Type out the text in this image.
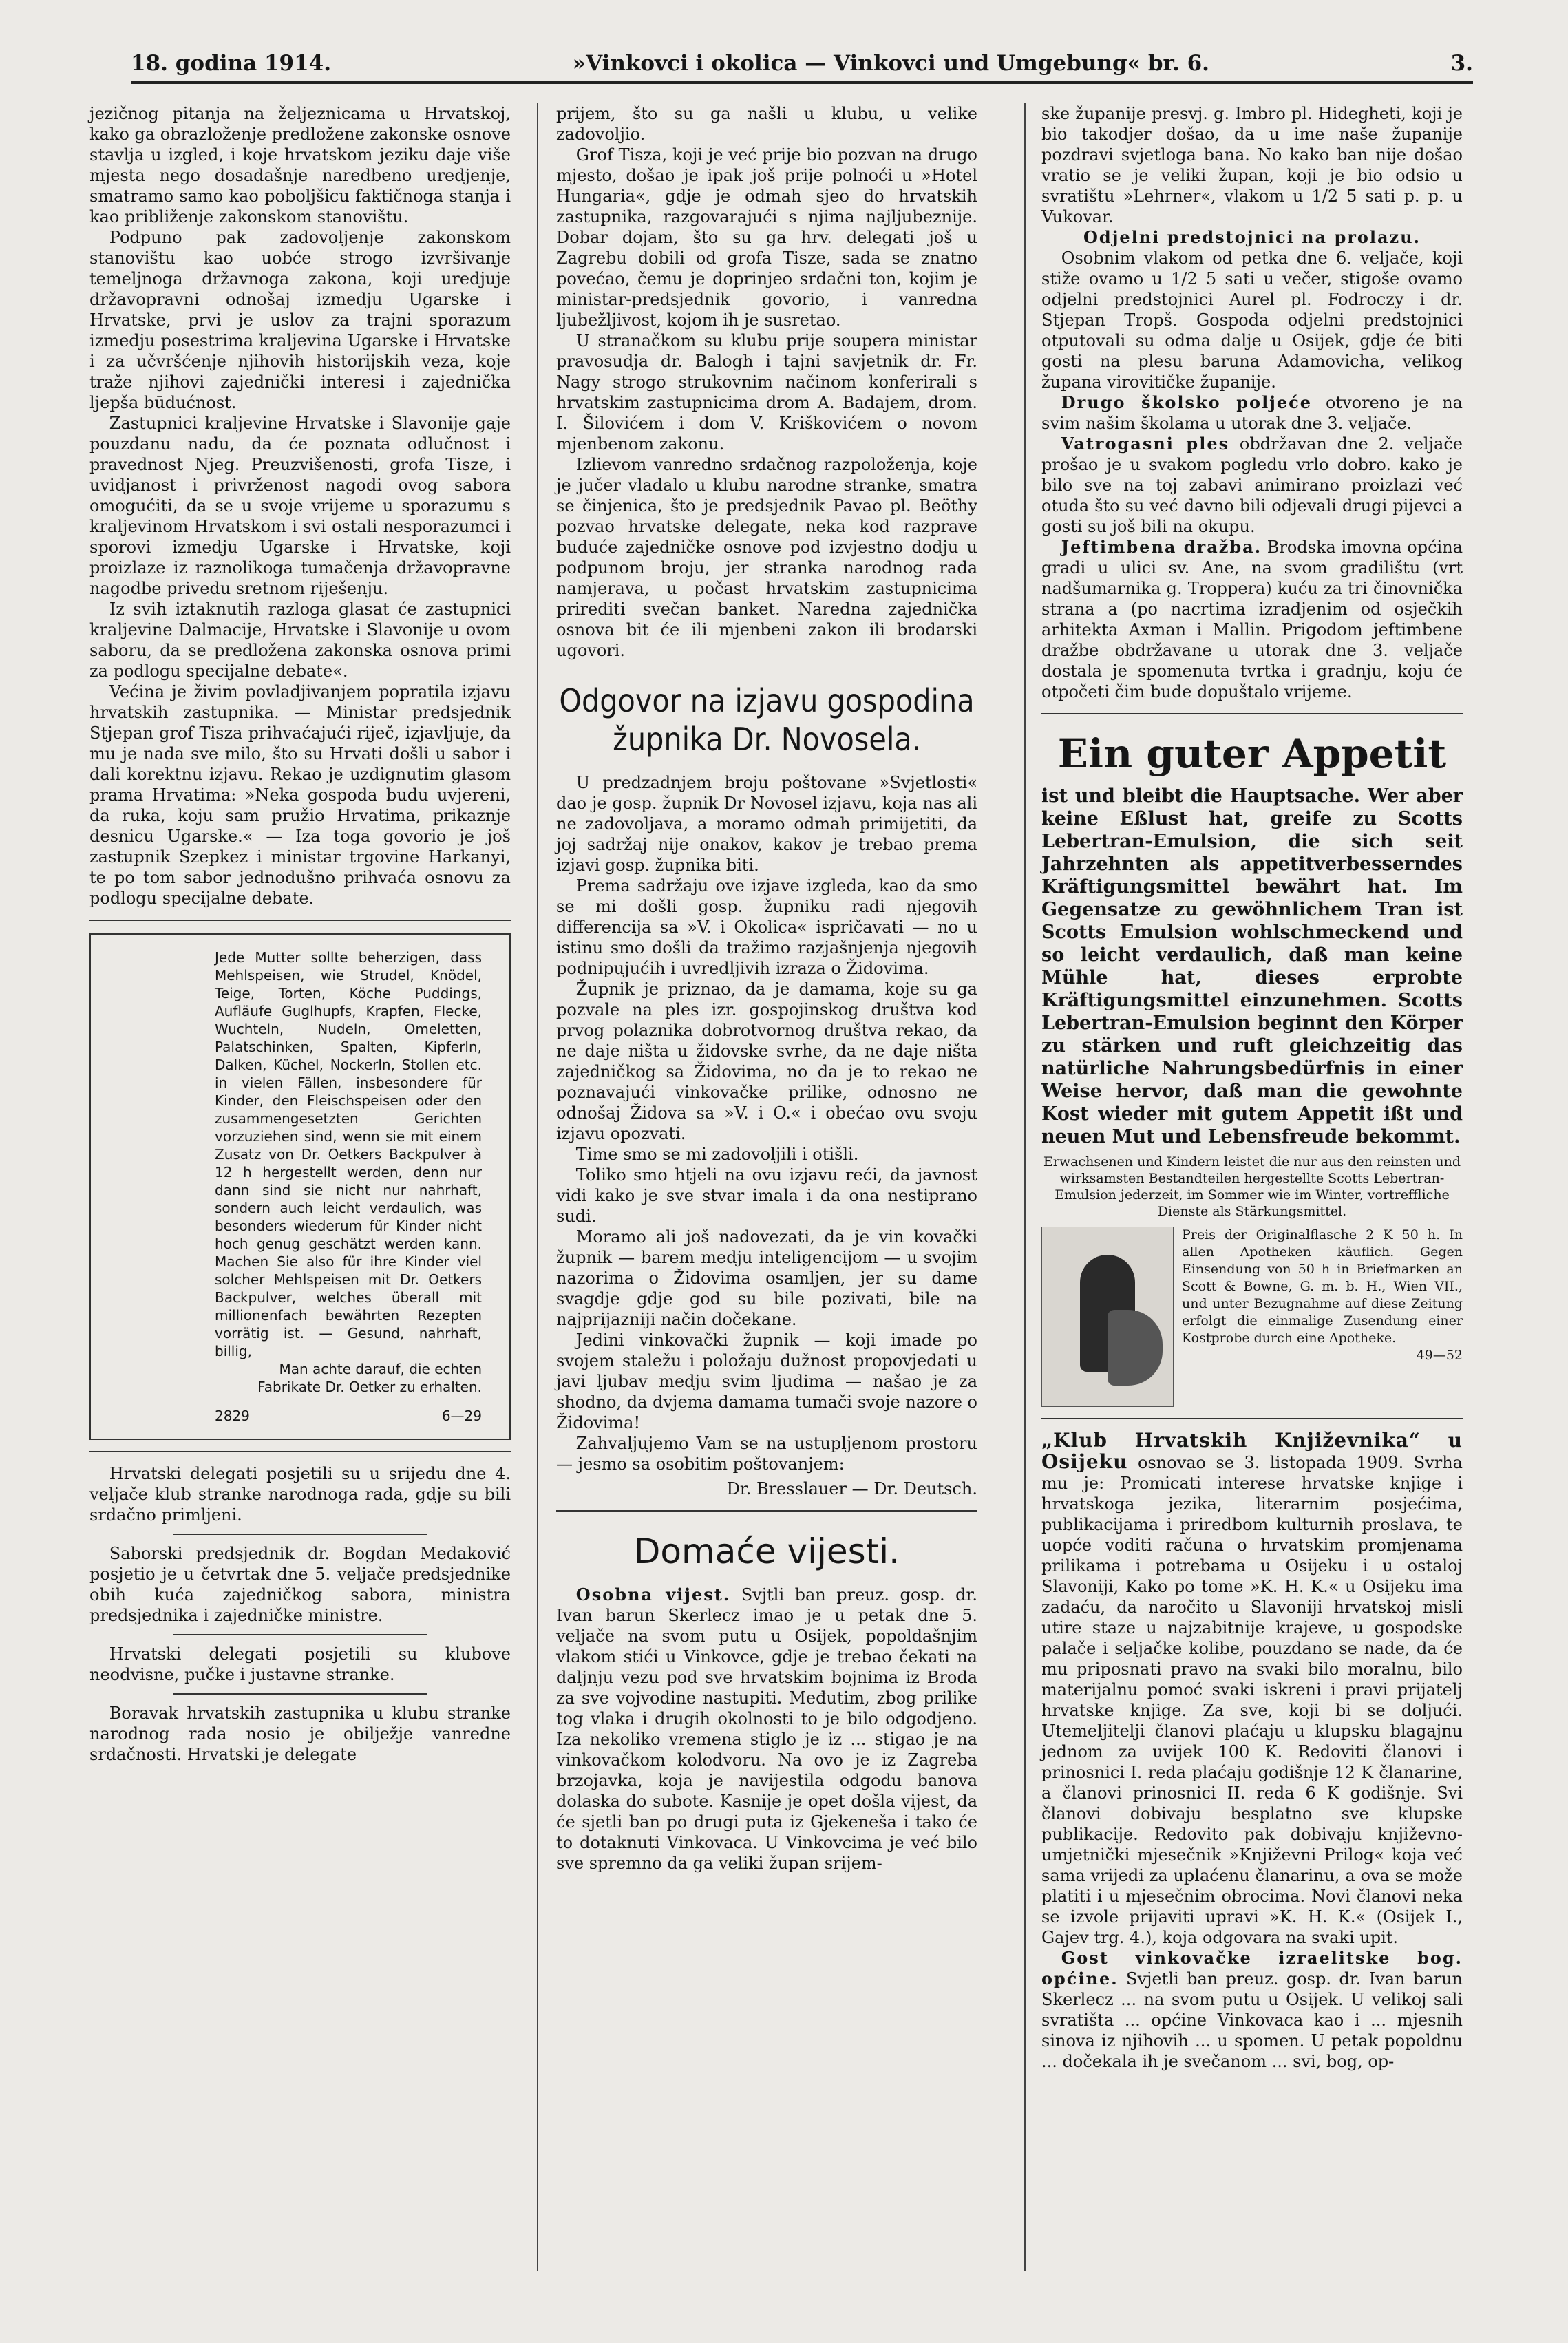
18. godina 1914.	»Vinkovci i okolica — Vinkovci und Umgebung« br. 6.	3.

jezičnog pitanja na željeznicama u Hrvatskoj, kako ga obrazloženje predložene zakonske osnove stavlja u izgled, i koje hrvatskom jeziku daje više mjesta nego dosadašnje naredbeno uredjenje, smatramo samo kao poboljšicu faktičnoga stanja i kao približenje zakonskom stanovištu.

Podpuno pak zadovoljenje zakonskom stanovištu kao uobće strogo izvršivanje temeljnoga državnoga zakona, koji uredjuje državopravni odnošaj izmedju Ugarske i Hrvatske, prvi je uslov za trajni sporazum izmedju posestrima kraljevina Ugarske i Hrvatske i za učvršćenje njihovih historijskih veza, koje traže njihovi zajednički interesi i zajednička ljepša būdućnost.

Zastupnici kraljevine Hrvatske i Slavonije gaje pouzdanu nadu, da će poznata odlučnost i pravednost Njeg. Preuzvišenosti, grofa Tisze, i uvidjanost i privrženost nagodi ovog saborа omogućiti, da se u svoje vrijeme u sporazumu s kraljevinom Hrvatskom i svi ostali nesporazumci i sporovi izmedju Ugarske i Hrvatske, koji proizlaze iz raznolikoga tumačenja državopravne nagodbe privedu sretnom riješenju.

Iz svih iztaknutih razloga glasat će zastupnici kraljevine Dalmacije, Hrvatske i Slavonije u ovom saboru, da se predložena zakonska osnova primi za podlogu specijalne debate«.

Većina je živim povladjivanjem popratila izjavu hrvatskih zastupnika. — Ministar predsjednik Stjepan grof Tisza prihvaćajući riječ, izjavljuje, da mu je nada sve milo, što su Hrvati došli u sabor i dali korektnu izjavu. Rekao je uzdignutim glasom prama Hrvatima: »Neka gospoda budu uvjereni, da ruka, koju sam pružio Hrvatima, prikaznje desnicu Ugarske.« — Iza toga govorio je još zastupnik Szepkez i ministar trgovine Harkanyi, te po tom sabor jednodušno prihvaća osnovu za podlogu specijalne debate.

Jede Mutter sollte beherzigen, dass Mehlspeisen, wie Strudel, Knödel, Teige, Torten, Köche Puddings, Aufläufe Guglhupfs, Krapfen, Flecke, Wuchteln, Nudeln, Omeletten, Palatschinken, Spalten, Kipferln, Dalken, Küchel, Nockerln, Stollen etc. in vielen Fällen, insbesondere für Kinder, den Fleischspeisen oder den zusammengesetzten Gerichten vorzuziehen sind, wenn sie mit einem Zusatz von Dr. Oetkers Backpulver à 12 h hergestellt werden, denn nur dann sind sie nicht nur nahrhaft, sondern auch leicht verdaulich, was besonders wiederum für Kinder nicht hoch genug geschätzt werden kann. Machen Sie also für ihre Kinder viel solcher Mehlspeisen mit Dr. Oetkers Backpulver, welches überall mit millionenfach bewährten Rezepten vorrätig ist. — Gesund, nahrhaft, billig,
Man achte darauf, die echten Fabrikate Dr. Oetker zu erhalten.
2829	6—29

Hrvatski delegati posjetili su u srijedu dne 4. veljače klub stranke narodnoga rada, gdje su bili srdačno primljeni.

Saborski predsjednik dr. Bogdan Medaković posjetio je u četvrtak dne 5. veljače predsjednike obih kuća zajedničkog sabora, ministra predsjednika i zajedničke ministre.

Hrvatski delegati posjetili su klubove neodvisne, pučke i justavne stranke.

Boravak hrvatskih zastupnika u klubu stranke narodnog rada nosio je obilježje vanredne srdačnosti. Hrvatski je delegate

prijem, što su ga našli u klubu, u velike zadovoljio.

Grof Tisza, koji je već prije bio pozvan na drugo mjesto, došao je ipak još prije polnoći u »Hotel Hungaria«, gdje je odmah sjeo do hrvatskih zastupnika, razgovarajući s njima najljubeznije. Dobar dojam, što su ga hrv. delegati još u Zagrebu dobili od grofa Tisze, sada se znatno povećao, čemu je doprinjeo srdačni ton, kojim je ministar-predsjednik govorio, i vanredna ljubežljivost, kojom ih je susretao.

U stranačkom su klubu prije soupera ministar pravosudja dr. Balogh i tajni savjetnik dr. Fr. Nagy strogo strukovnim načinom konferirali s hrvatskim zastupnicima drom A. Badajem, drom. I. Šilovićem i dom V. Kriškovićem o novom mjenbenom zakonu.

Izlievom vanredno srdačnog razpoloženja, koje je jučer vladalo u klubu narodne stranke, smatra se činjenica, što je predsjednik Pavao pl. Beöthy pozvao hrvatske delegate, neka kod razprave buduće zajedničke osnove pod izvjestno dodju u podpunom broju, jer stranka narodnog rada namjerava, u počast hrvatskim zastupnicima prirediti svečan banket. Naredna zajednička osnova bit će ili mjenbeni zakon ili brodarski ugovori.

Odgovor na izjavu gospodina župnika Dr. Novosela.

U predzadnjem broju poštovane »Svjetlosti« dao je gosp. župnik Dr Novosel izjavu, koja nas ali ne zadovoljava, a moramo odmah primijetiti, da joj sadržaj nije onakov, kakov je trebao prema izjavi gosp. župnika biti.

Prema sadržaju ove izjave izgleda, kao da smo se mi došli gosp. župniku radi njegovih differencija sa »V. i Okolica« ispričavati — no u istinu smo došli da tražimo razjašnjenja njegovih podnipujućih i uvredljivih izraza o Židovima.

Župnik je priznao, da je damama, koje su ga pozvale na ples izr. gospojinskog društva kod prvog polaznika dobrotvornog društva rekao, da ne daje ništa u židovske svrhe, da ne daje ništa zajedničkog sa Židovima, no da je to rekao ne poznavajući vinkovačke prilike, odnosno ne odnošaj Židova sa »V. i O.« i obećao ovu svoju izjavu opozvati.

Time smo se mi zadovoljili i otišli.

Toliko smo htjeli na ovu izjavu reći, da javnost vidi kako je sve stvar imala i da ona nestiprano sudi.

Moramo ali još nadovezati, da je vin kovački župnik — barem medju inteligencijom — u svojim nazorima o Židovima osamljen, jer su dame svagdje gdje god su bile pozivati, bile na najprijazniji način dočekane.

Jedini vinkovački župnik — koji imade po svojem staležu i položaju dužnost propovjedati u javi ljubav medju svim ljudima — našao je za shodno, da dvjema damama tumači svoje nazore o Židovima!

Zahvaljujemo Vam se na ustupljenom prostoru — jesmo sa osobitim poštovanjem:

Dr. Bresslauer — Dr. Deutsch.
Domaće vijesti.

Osobna vijest. Svjtli ban preuz. gosp. dr. Ivan barun Skerlecz imao je u petak dne 5. veljače na svom putu u Osijek, popoldašnjim vlakom stići u Vinkovce, gdje je trebao čekati na daljnju vezu pod sve hrvatskim bojnima iz Broda za sve vojvodine nastupiti. Međutim, zbog prilike tog vlaka i drugih okolnosti to je bilo odgodjeno. Iza nekoliko vremena stiglo je iz ... stigao je na vinkovačkom kolodvoru. Na ovo je iz Zagreba brzojavka, koja je navijestila odgodu banova dolaska do subote. Kasnije je opet došla vijest, da će sjetli ban po drugi puta iz Gjekeneša i tako će to dotaknuti Vinkovaca. U Vinkovcima je već bilo sve spremno da ga veliki župan srijem-

ske županije presvj. g. Imbro pl. Hidegheti, koji je bio takodjer došao, da u ime naše županije pozdravi svjetloga bana. No kako ban nije došao vratio se je veliki župan, koji je bio odsio u svratištu »Lehrner«, vlakom u 1/2 5 sati p. p. u Vukovar.

Odjelni predstojnici na prolazu.

Osobnim vlakom od petka dne 6. veljače, koji stiže ovamo u 1/2 5 sati u večer, stigoše ovamo odjelni predstojnici Aurel pl. Fodroczy i dr. Stjepan Tropš. Gospoda odjelni predstojnici otputovali su odma dalje u Osijek, gdje će biti gosti na plesu baruna Adamovicha, velikog župana virovitičke županije.

Drugo školsko poljeće otvoreno je na svim našim školama u utorak dne 3. veljače.

Vatrogasni ples obdržavan dne 2. veljače prošao je u svakom pogledu vrlo dobro. kako je bilo sve na toj zabavi animirano proizlazi već otuda što su već davno bili odjevali drugi pijevci a gosti su još bili na okupu.

Jeftimbena dražba. Brodska imovna općina gradi u ulici sv. Ane, na svom gradilištu (vrt nadšumarnika g. Troppera) kuću za tri činovnička strana a (po nacrtima izradjenim od osječkih arhitekta Axman i Mallin. Prigodom jeftimbene dražbe obdržavane u utorak dne 3. veljače dostala je spomenuta tvrtka i gradnju, koju će otpočeti čim bude dopuštalo vrijeme.

Ein guter Appetit
ist und bleibt die Hauptsache. Wer aber keine Eßlust hat, greife zu Scotts Lebertran-Emulsion, die sich seit Jahrzehnten als appetitverbesserndes Kräftigungsmittel bewährt hat. Im Gegensatze zu gewöhnlichem Tran ist Scotts Emulsion wohlschmeckend und so leicht verdaulich, daß man keine Mühle hat, dieses erprobte Kräftigungsmittel einzunehmen. Scotts Lebertran-Emulsion beginnt den Körper zu stärken und ruft gleichzeitig das natürliche Nahrungsbedürfnis in einer Weise hervor, daß man die gewohnte Kost wieder mit gutem Appetit ißt und neuen Mut und Lebensfreude bekommt.
Erwachsenen und Kindern leistet die nur aus den reinsten und wirksamsten Bestandteilen hergestellte Scotts Lebertran-Emulsion jederzeit, im Sommer wie im Winter, vortreffliche Dienste als Stärkungsmittel.
Preis der Originalflasche 2 K 50 h. In allen Apotheken käuflich. Gegen Einsendung von 50 h in Briefmarken an Scott & Bowne, G. m. b. H., Wien VII., und unter Bezugnahme auf diese Zeitung erfolgt die einmalige Zusendung einer Kostprobe durch eine Apotheke.
49—52

„Klub Hrvatskih Književnika“ u Osijeku osnovao se 3. listopada 1909. Svrha mu je: Promicati interese hrvatske knjige i hrvatskoga jezika, literarnim posjećima, publikacijama i priredbom kulturnih proslava, te uopće voditi računa o hrvatskim promjenama prilikama i potrebama u Osijeku i u ostaloj Slavoniji, Kako po tome »K. H. K.« u Osijeku ima zadaću, da naročito u Slavoniji hrvatskoj misli utire staze u najzabitnije krajeve, u gospodske palače i seljačke kolibe, pouzdano se nade, da će mu priposnati pravo na svaki bilo moralnu, bilo materijalnu pomoć svaki iskreni i pravi prijatelj hrvatske knjige. Za sve, koji bi se doljući. Utemeljitelji članovi plaćaju u klupsku blagajnu jednom za uvijek 100 K. Redoviti članovi i prinosnici I. reda plaćaju godišnje 12 K članarine, a članovi prinosnici II. reda 6 K godišnje. Svi članovi dobivaju besplatno sve klupske publikacije. Redovito pak dobivaju književno-umjetnički mjesečnik »Književni Prilog« koja već sama vrijedi za uplaćenu članarinu, a ova se može platiti i u mjesečnim obrocima. Novi članovi neka se izvole prijaviti upravi »K. H. K.« (Osijek I., Gajev trg. 4.), koja odgovara na svaki upit.

Gost vinkovačke izraelitske bog. općine. Svjetli ban preuz. gosp. dr. Ivan barun Skerlecz ... na svom putu u Osijek. U velikoj sali svratišta ... općine Vinkovaca kao i ... mjesnih sinova iz njihovih ... u spomen. U petak popoldnu ... dočekala ih je svečanom ... svi, bog, op-
